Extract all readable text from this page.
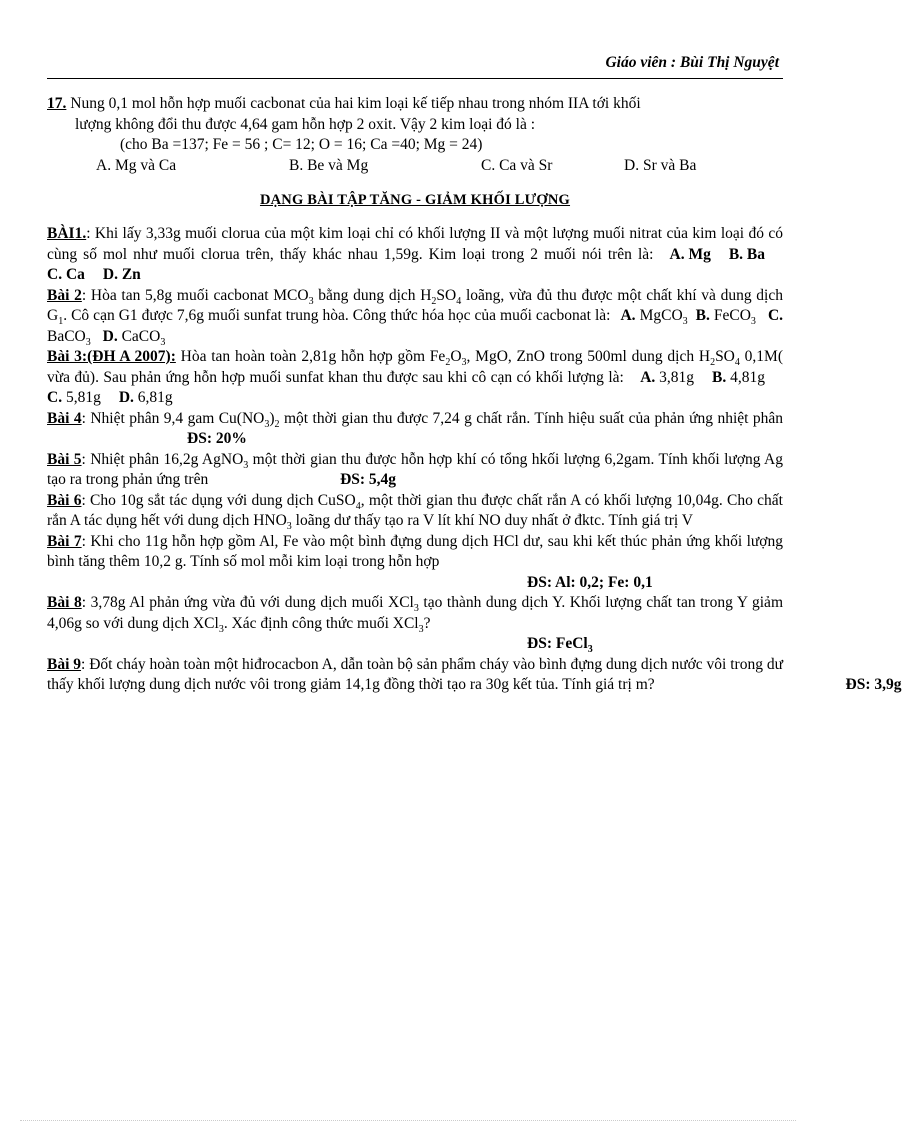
Giáo viên : Bùi Thị Nguyệt

17. Nung 0,1 mol hỗn hợp muối cacbonat của hai kim loại kế tiếp nhau trong nhóm IIA tới khối

lượng không đổi thu được 4,64 gam hỗn hợp 2 oxit. Vậy 2 kim loại đó là :

(cho Ba =137; Fe = 56 ; C= 12; O = 16; Ca =40; Mg = 24)

A. Mg và Ca	B. Be và Mg	C. Ca và Sr	D. Sr và Ba
DẠNG BÀI TẬP TĂNG - GIẢM KHỐI LƯỢNG

BÀI1.: Khi lấy 3,33g muối clorua của một kim loại chỉ có khối lượng II và một lượng muối nitrat của kim loại đó có cùng số mol như muối clorua trên, thấy khác nhau 1,59g. Kim loại trong 2 muối nói trên là: A. Mg B. BaC. Ca D. Zn

Bài 2: Hòa tan 5,8g muối cacbonat $MCO_3$ bằng dung dịch $H_2SO_4$ loãng, vừa đủ thu được một chất khí và dung dịch $G_1$. Cô cạn G1 được 7,6g muối sunfat trung hòa. Công thức hóa học của muối cacbonat là: A. MgCO$_3$ B. FeCO$_3$ C. BaCO$_3$ D. CaCO$_3$

Bài 3:(ĐH A 2007): Hòa tan hoàn toàn 2,81g hỗn hợp gồm $Fe_2O_3$, MgO, ZnO trong 500ml dung dịch $H_2SO_4$ 0,1M( vừa đủ). Sau phản ứng hỗn hợp muối sunfat khan thu được sau khi cô cạn có khối lượng là: A. 3,81g B. 4,81gC. 5,81g D. 6,81g

Bài 4: Nhiệt phân 9,4 gam $Cu(NO_3)_2$ một thời gian thu được 7,24 g chất rắn. Tính hiệu suất của phản ứng nhiệt phân ĐS: 20%

Bài 5: Nhiệt phân 16,2g AgNO$_3$ một thời gian thu được hỗn hợp khí có tổng hkối lượng 6,2gam. Tính khối lượng Ag tạo ra trong phản ứng trên	ĐS: 5,4g

Bài 6: Cho 10g sắt tác dụng với dung dịch CuSO$_4$, một thời gian thu được chất rắn A có khối lượng 10,04g. Cho chất rắn A tác dụng hết với dung dịch $HNO_3$ loãng dư thấy tạo ra V lít khí NO duy nhất ở đktc. Tính giá trị V

Bài 7: Khi cho 11g hỗn hợp gồm Al, Fe vào một bình đựng dung dịch HCl dư, sau khi kết thúc phản ứng khối lượng bình tăng thêm 10,2 g. Tính số mol mỗi kim loại trong hỗn hợp

ĐS: Al: 0,2; Fe: 0,1

Bài 8: 3,78g Al phản ứng vừa đủ với dung dịch muối XCl$_3$ tạo thành dung dịch Y. Khối lượng chất tan trong Y giảm 4,06g so với dung dịch XCl$_3$. Xác định công thức muối XCl$_3$?

ĐS: FeCl$_3$

Bài 9: Đốt cháy hoàn toàn một hiđrocacbon A, dẫn toàn bộ sản phẩm cháy vào bình đựng dung dịch nước vôi trong dư thấy khối lượng dung dịch nước vôi trong giảm 14,1g đồng thời tạo ra 30g kết tủa. Tính giá trị m?	ĐS: 3,9g
